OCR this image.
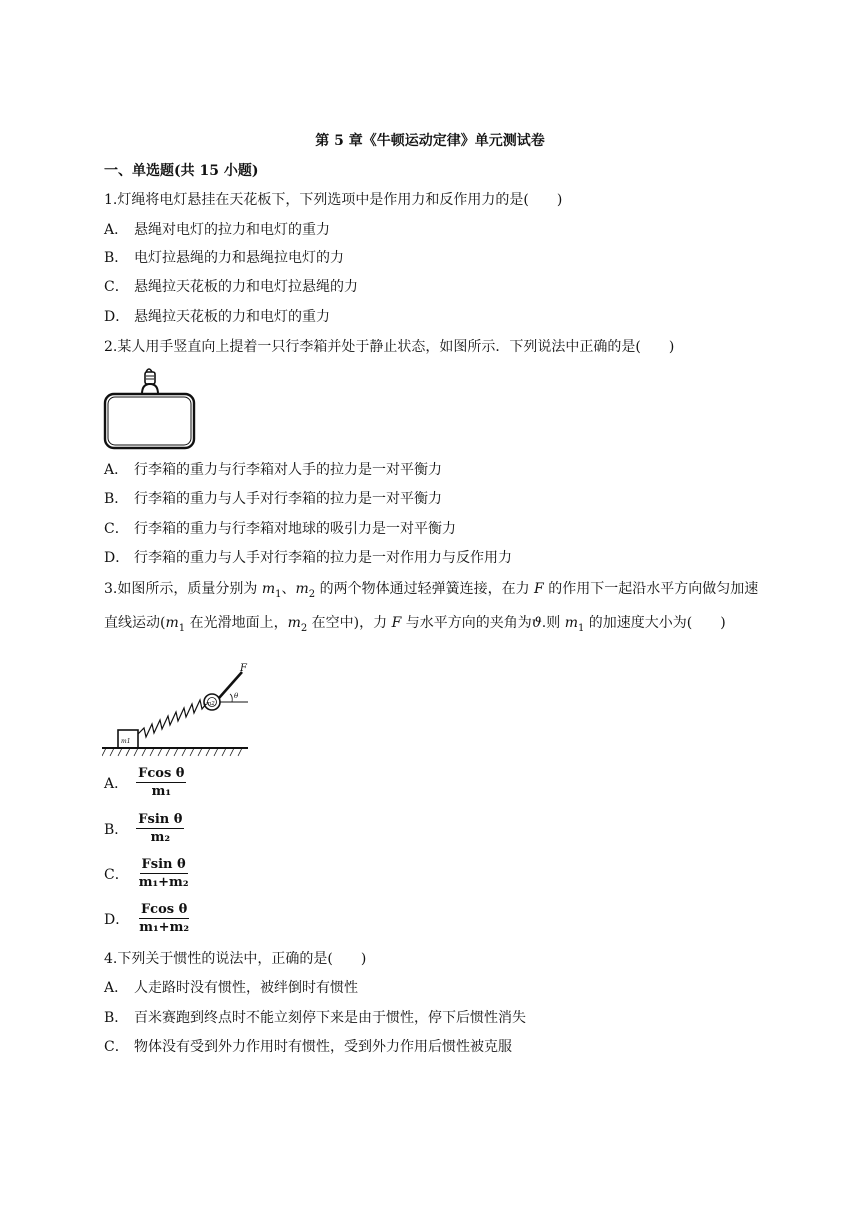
第 5 章《牛顿运动定律》单元测试卷
一、单选题(共 15 小题)
1.灯绳将电灯悬挂在天花板下，下列选项中是作用力和反作用力的是(　　)
A． 悬绳对电灯的拉力和电灯的重力
B． 电灯拉悬绳的力和悬绳拉电灯的力
C． 悬绳拉天花板的力和电灯拉悬绳的力
D． 悬绳拉天花板的力和电灯的重力
2.某人用手竖直向上提着一只行李箱并处于静止状态，如图所示．下列说法中正确的是(　　)
A． 行李箱的重力与行李箱对人手的拉力是一对平衡力
B． 行李箱的重力与人手对行李箱的拉力是一对平衡力
C． 行李箱的重力与行李箱对地球的吸引力是一对平衡力
D． 行李箱的重力与人手对行李箱的拉力是一对作用力与反作用力
3.如图所示，质量分别为 $m_1$、$m_2$ 的两个物体通过轻弹簧连接，在力 F 的作用下一起沿水平方向做匀加速直线运动($m_1$ 在光滑地面上，$m_2$ 在空中)，力 F 与水平方向的夹角为ϑ.则 $m_1$ 的加速度大小为(　　)
F
θ
m1
m2
A． $\frac{\text{Fcos θ}}{\text{m₁}}$
B． $\frac{\text{Fsin θ}}{\text{m₂}}$
C． $\frac{\text{Fsin θ}}{\text{m₁+m₂}}$
D． $\frac{\text{Fcos θ}}{\text{m₁+m₂}}$
4.下列关于惯性的说法中，正确的是(　　)
A． 人走路时没有惯性，被绊倒时有惯性
B． 百米赛跑到终点时不能立刻停下来是由于惯性，停下后惯性消失
C． 物体没有受到外力作用时有惯性，受到外力作用后惯性被克服
